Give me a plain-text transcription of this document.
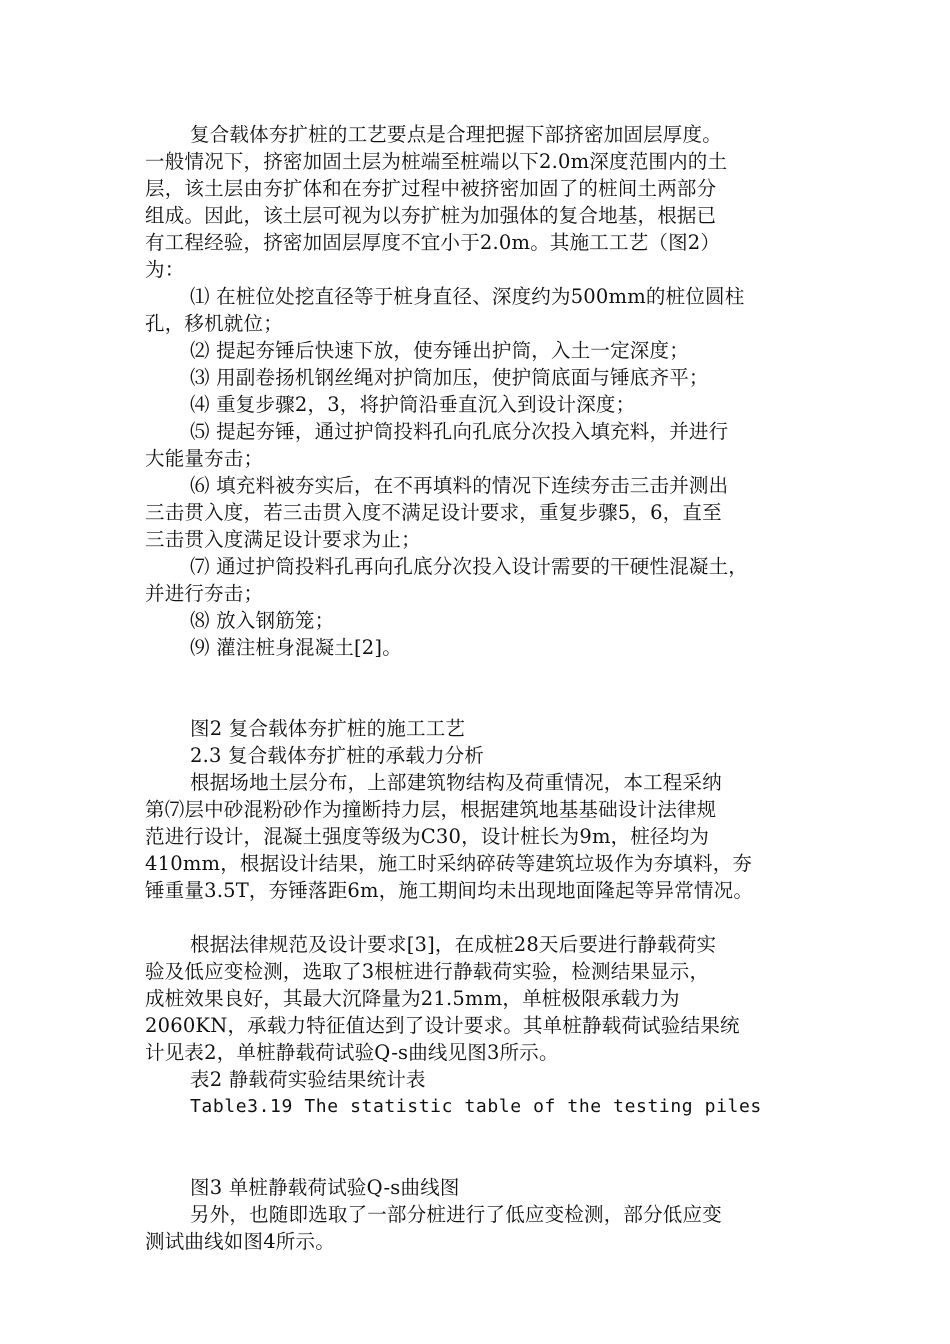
复合载体夯扩桩的工艺要点是合理把握下部挤密加固层厚度。
一般情况下，挤密加固土层为桩端至桩端以下2.0m深度范围内的土
层，该土层由夯扩体和在夯扩过程中被挤密加固了的桩间土两部分
组成。因此，该土层可视为以夯扩桩为加强体的复合地基，根据已
有工程经验，挤密加固层厚度不宜小于2.0m。其施工工艺（图2）
为：
⑴ 在桩位处挖直径等于桩身直径、深度约为500mm的桩位圆柱
孔，移机就位；
⑵ 提起夯锤后快速下放，使夯锤出护筒，入土一定深度；
⑶ 用副卷扬机钢丝绳对护筒加压，使护筒底面与锤底齐平；
⑷ 重复步骤2，3，将护筒沿垂直沉入到设计深度；
⑸ 提起夯锤，通过护筒投料孔向孔底分次投入填充料，并进行
大能量夯击；
⑹ 填充料被夯实后，在不再填料的情况下连续夯击三击并测出
三击贯入度，若三击贯入度不满足设计要求，重复步骤5，6，直至
三击贯入度满足设计要求为止；
⑺ 通过护筒投料孔再向孔底分次投入设计需要的干硬性混凝土，
并进行夯击；
⑻ 放入钢筋笼；
⑼ 灌注桩身混凝土[2]。
图2 复合载体夯扩桩的施工工艺
2.3 复合载体夯扩桩的承载力分析
根据场地土层分布，上部建筑物结构及荷重情况，本工程采纳
第⑺层中砂混粉砂作为撞断持力层，根据建筑地基基础设计法律规
范进行设计，混凝土强度等级为C30，设计桩长为9m，桩径均为
410mm，根据设计结果，施工时采纳碎砖等建筑垃圾作为夯填料，夯
锤重量3.5T，夯锤落距6m，施工期间均未出现地面隆起等异常情况。
根据法律规范及设计要求[3]，在成桩28天后要进行静载荷实
验及低应变检测，选取了3根桩进行静载荷实验，检测结果显示，
成桩效果良好，其最大沉降量为21.5mm，单桩极限承载力为
2060KN，承载力特征值达到了设计要求。其单桩静载荷试验结果统
计见表2，单桩静载荷试验Q-s曲线见图3所示。
表2 静载荷实验结果统计表
Table3.19 The statistic table of the testing piles
图3 单桩静载荷试验Q-s曲线图
另外，也随即选取了一部分桩进行了低应变检测，部分低应变
测试曲线如图4所示。
